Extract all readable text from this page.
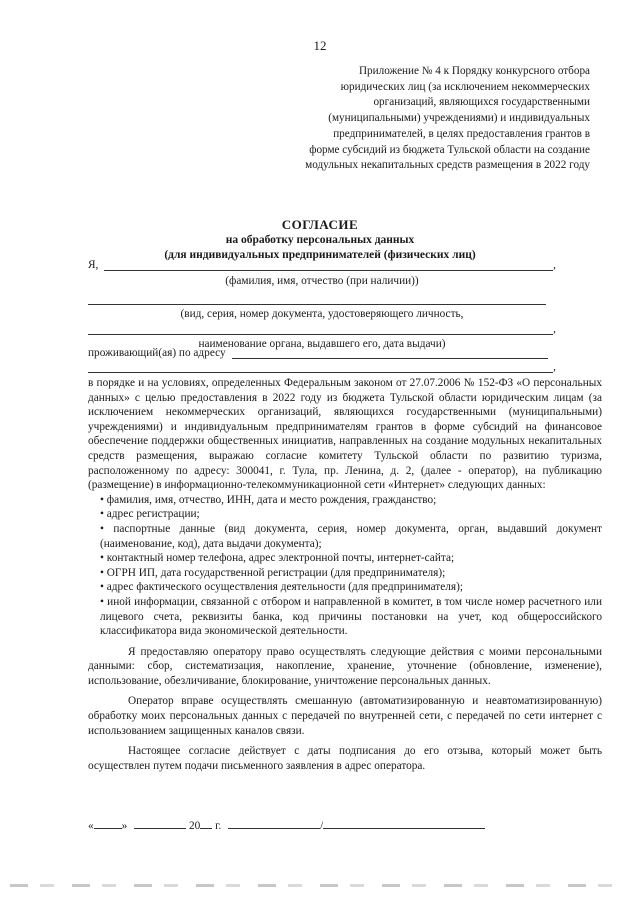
12
Приложение № 4 к Порядку конкурсного отбора
юридических лиц (за исключением некоммерческих
организаций, являющихся государственными
(муниципальными) учреждениями) и индивидуальных
предпринимателей, в целях предоставления грантов в
форме субсидий из бюджета Тульской области на создание
модульных некапитальных средств размещения в 2022 году
СОГЛАСИЕ
на обработку персональных данных
(для индивидуальных предпринимателей (физических лиц)
Я,	,
(фамилия, имя, отчество (при наличии))
(вид, серия, номер документа, удостоверяющего личность,
,
наименование органа, выдавшего его, дата выдачи)
проживающий(ая) по адресу
,

в порядке и на условиях, определенных Федеральным законом от 27.07.2006 № 152-ФЗ «О персональных данных» с целью предоставления в 2022 году из бюджета Тульской области юридическим лицам (за исключением некоммерческих организаций, являющихся государственными (муниципальными) учреждениями) и индивидуальным предпринимателям грантов в форме субсидий на финансовое обеспечение поддержки общественных инициатив, направленных на создание модульных некапитальных средств размещения, выражаю согласие комитету Тульской области по развитию туризма, расположенному по адресу: 300041, г. Тула, пр. Ленина, д. 2, (далее - оператор), на публикацию (размещение) в информационно-телекоммуникационной сети «Интернет» следующих данных:

• фамилия, имя, отчество, ИНН, дата и место рождения, гражданство;

• адрес регистрации;

• паспортные данные (вид документа, серия, номер документа, орган, выдавший документ (наименование, код), дата выдачи документа);

• контактный номер телефона, адрес электронной почты, интернет-сайта;

• ОГРН ИП, дата государственной регистрации (для предпринимателя);

• адрес фактического осуществления деятельности (для предпринимателя);

• иной информации, связанной с отбором и направленной в комитет, в том числе номер расчетного или лицевого счета, реквизиты банка, код причины постановки на учет, код общероссийского классификатора вида экономической деятельности.

Я предоставляю оператору право осуществлять следующие действия с моими персональными данными: сбор, систематизация, накопление, хранение, уточнение (обновление, изменение), использование, обезличивание, блокирование, уничтожение персональных данных.

Оператор вправе осуществлять смешанную (автоматизированную и неавтоматизированную) обработку моих персональных данных с передачей по внутренней сети, с передачей по сети интернет с использованием защищенных каналов связи.

Настоящее согласие действует с даты подписания до его отзыва, который может быть осуществлен путем подачи письменного заявления в адрес оператора.

« »	20 г.	/
